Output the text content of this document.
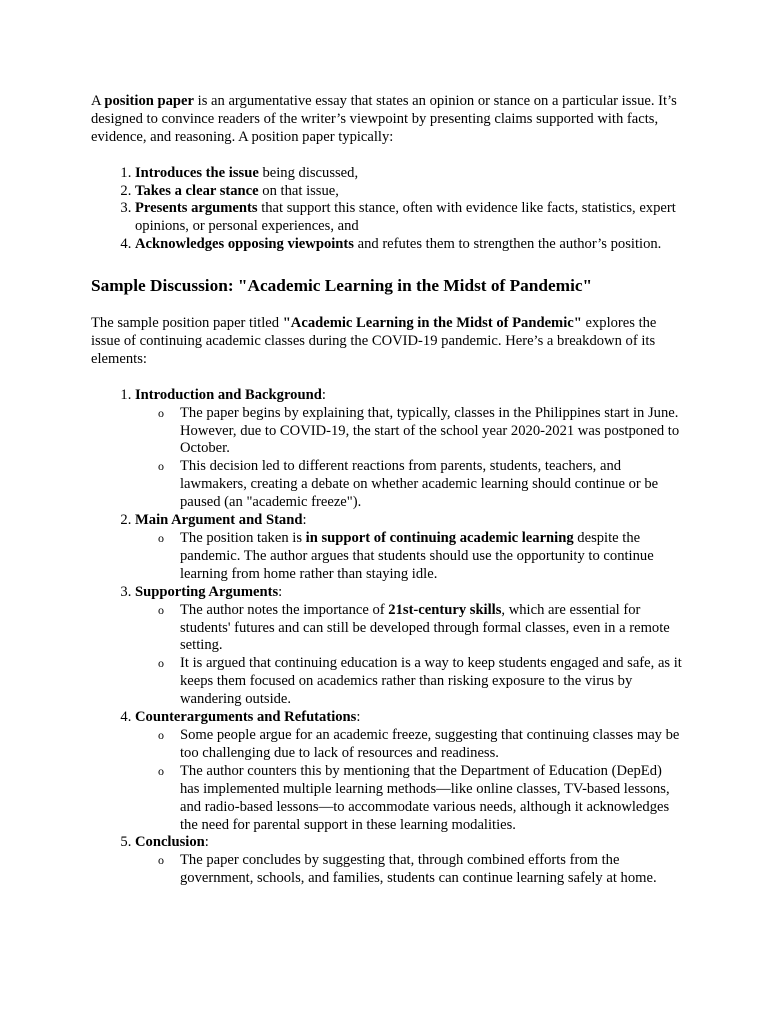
A position paper is an argumentative essay that states an opinion or stance on a particular issue. It’s designed to convince readers of the writer’s viewpoint by presenting claims supported with facts, evidence, and reasoning. A position paper typically:

1. Introduces the issue being discussed,
2. Takes a clear stance on that issue,
3. Presents arguments that support this stance, often with evidence like facts, statistics, expert opinions, or personal experiences, and
4. Acknowledges opposing viewpoints and refutes them to strengthen the author’s position.
Sample Discussion: "Academic Learning in the Midst of Pandemic"

The sample position paper titled "Academic Learning in the Midst of Pandemic" explores the issue of continuing academic classes during the COVID-19 pandemic. Here’s a breakdown of its elements:

1. Introduction and Background:
o The paper begins by explaining that, typically, classes in the Philippines start in June. However, due to COVID-19, the start of the school year 2020-2021 was postponed to October.
o This decision led to different reactions from parents, students, teachers, and lawmakers, creating a debate on whether academic learning should continue or be paused (an "academic freeze").
2. Main Argument and Stand:
o The position taken is in support of continuing academic learning despite the pandemic. The author argues that students should use the opportunity to continue learning from home rather than staying idle.
3. Supporting Arguments:
o The author notes the importance of 21st-century skills, which are essential for students' futures and can still be developed through formal classes, even in a remote setting.
o It is argued that continuing education is a way to keep students engaged and safe, as it keeps them focused on academics rather than risking exposure to the virus by wandering outside.
4. Counterarguments and Refutations:
o Some people argue for an academic freeze, suggesting that continuing classes may be too challenging due to lack of resources and readiness.
o The author counters this by mentioning that the Department of Education (DepEd) has implemented multiple learning methods—like online classes, TV-based lessons, and radio-based lessons—to accommodate various needs, although it acknowledges the need for parental support in these learning modalities.
5. Conclusion:
o The paper concludes by suggesting that, through combined efforts from the government, schools, and families, students can continue learning safely at home.
